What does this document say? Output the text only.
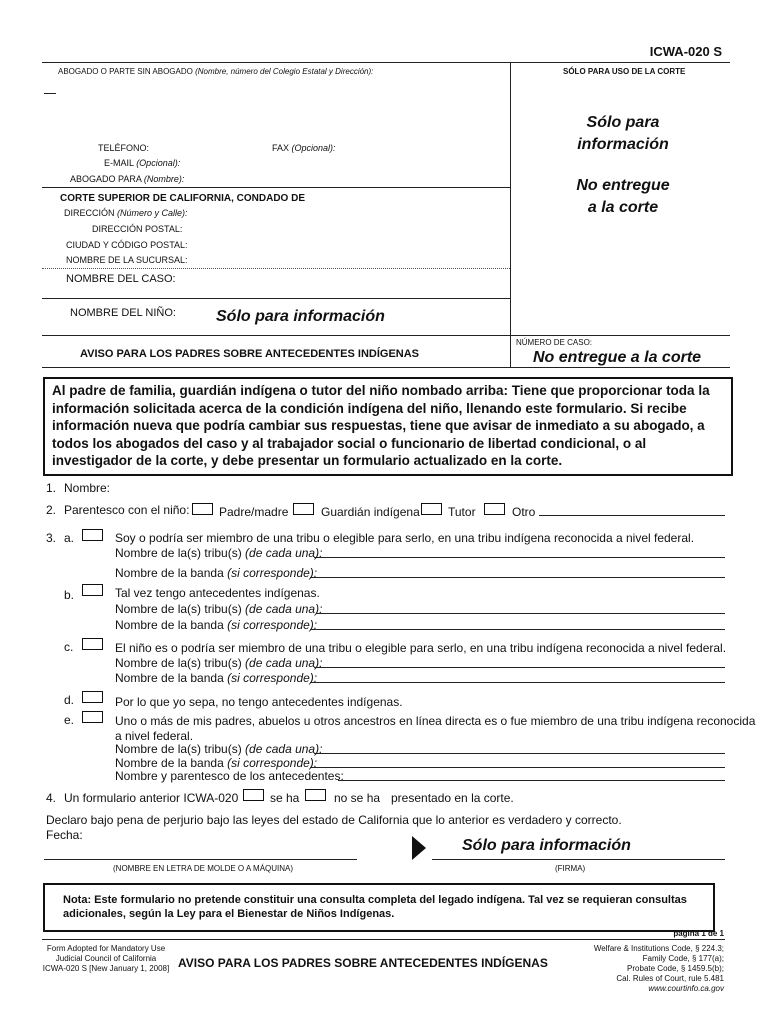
ICWA-020 S
ABOGADO O PARTE SIN ABOGADO (Nombre, número del Colegio Estatal y Dirección):	SÓLO PARA USO DE LA CORTE
TELÉFONO:	FAX (Opcional):
E-MAIL (Opcional):
ABOGADO PARA (Nombre):
CORTE SUPERIOR DE CALIFORNIA, CONDADO DE
DIRECCIÓN (Número y Calle):
DIRECCIÓN POSTAL:
CIUDAD Y CÓDIGO POSTAL:
NOMBRE DE LA SUCURSAL:
NOMBRE DEL CASO:
NOMBRE DEL NIÑO:	Sólo para información
AVISO PARA LOS PADRES SOBRE ANTECEDENTES INDÍGENAS
NÚMERO DE CASO:
No entregue a la corte
Sólo para
información
No entregue
a la corte
Al padre de familia, guardián indígena o tutor del niño nombado arriba: Tiene que proporcionar toda la información solicitada acerca de la condición indígena del niño, llenando este formulario. Si recibe información nueva que podría cambiar sus respuestas, tiene que avisar de inmediato a su abogado, a todos los abogados del caso y al trabajador social o funcionario de libertad condicional, o al investigador de la corte, y debe presentar un formulario actualizado en la corte.
1. Nombre:
2. Parentesco con el niño: Padre/madre	Guardián indígena Tutor	Otro
3. a.	Soy o podría ser miembro de una tribu o elegible para serlo, en una tribu indígena reconocida a nivel federal.
Nombre de la(s) tribu(s) (de cada una):
Nombre de la banda (si corresponde):
b.	Tal vez tengo antecedentes indígenas.
Nombre de la(s) tribu(s) (de cada una):
Nombre de la banda (si corresponde):
c.	El niño es o podría ser miembro de una tribu o elegible para serlo, en una tribu indígena reconocida a nivel federal.
Nombre de la(s) tribu(s) (de cada una):
Nombre de la banda (si corresponde):
d.	Por lo que yo sepa, no tengo antecedentes indígenas.
e.	Uno o más de mis padres, abuelos u otros ancestros en línea directa es o fue miembro de una tribu indígena reconocida
a nivel federal.
Nombre de la(s) tribu(s) (de cada una):
Nombre de la banda (si corresponde):
Nombre y parentesco de los antecedentes:
4. Un formulario anterior ICWA-020	se ha	no se ha presentado en la corte.
Declaro bajo pena de perjurio bajo las leyes del estado de California que lo anterior es verdadero y correcto.
Fecha:
Sólo para información
(NOMBRE EN LETRA DE MOLDE O A MÁQUINA)	(FIRMA)
Nota: Este formulario no pretende constituir una consulta completa del legado indígena. Tal vez se requieran consultas adicionales, según la Ley para el Bienestar de Niños Indígenas.
página 1 de 1
Form Adopted for Mandatory Use
Judicial Council of California
ICWA-020 S [New January 1, 2008] AVISO PARA LOS PADRES SOBRE ANTECEDENTES INDÍGENAS
Welfare & Institutions Code, § 224.3;
Family Code, § 177(a);
Probate Code, § 1459.5(b);
Cal. Rules of Court, rule 5.481
www.courtinfo.ca.gov
